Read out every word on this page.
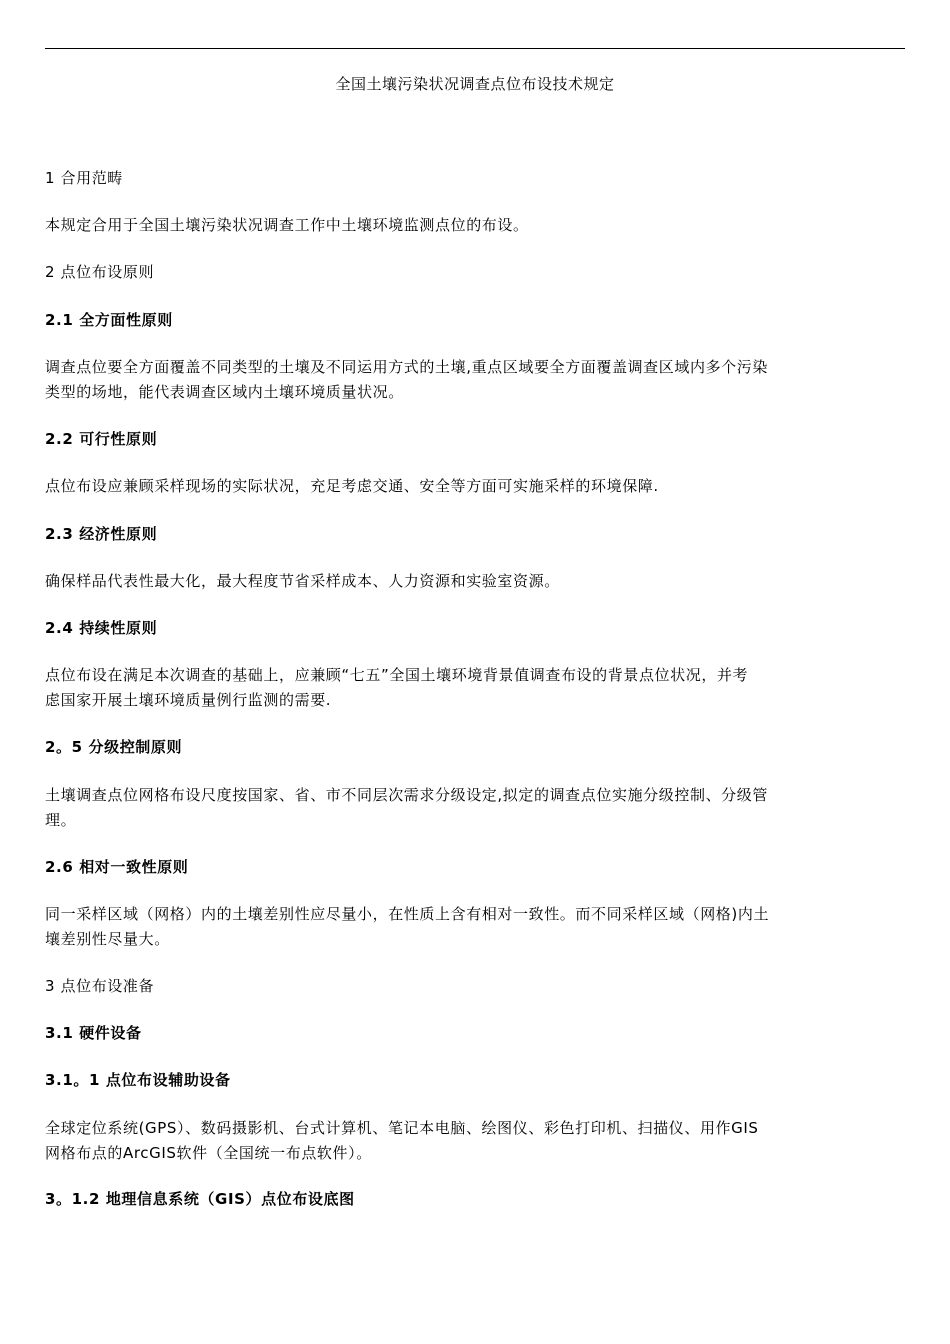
全国土壤污染状况调查点位布设技术规定
1 合用范畴
本规定合用于全国土壤污染状况调查工作中土壤环境监测点位的布设。
2 点位布设原则
2.1 全方面性原则
调查点位要全方面覆盖不同类型的土壤及不同运用方式的土壤,重点区域要全方面覆盖调查区域内多个污染
类型的场地，能代表调查区域内土壤环境质量状况。
2.2 可行性原则
点位布设应兼顾采样现场的实际状况，充足考虑交通、安全等方面可实施采样的环境保障.
2.3 经济性原则
确保样品代表性最大化，最大程度节省采样成本、人力资源和实验室资源。
2.4 持续性原则
点位布设在满足本次调查的基础上，应兼顾“七五”全国土壤环境背景值调查布设的背景点位状况，并考
虑国家开展土壤环境质量例行监测的需要.
2。5 分级控制原则
土壤调查点位网格布设尺度按国家、省、市不同层次需求分级设定,拟定的调查点位实施分级控制、分级管
理。
2.6 相对一致性原则
同一采样区域（网格）内的土壤差别性应尽量小，在性质上含有相对一致性。而不同采样区域（网格)内土
壤差别性尽量大。
3 点位布设准备
3.1 硬件设备
3.1。1 点位布设辅助设备
全球定位系统(GPS）、数码摄影机、台式计算机、笔记本电脑、绘图仪、彩色打印机、扫描仪、用作GIS
网格布点的ArcGIS软件（全国统一布点软件）。
3。1.2 地理信息系统（GIS）点位布设底图
